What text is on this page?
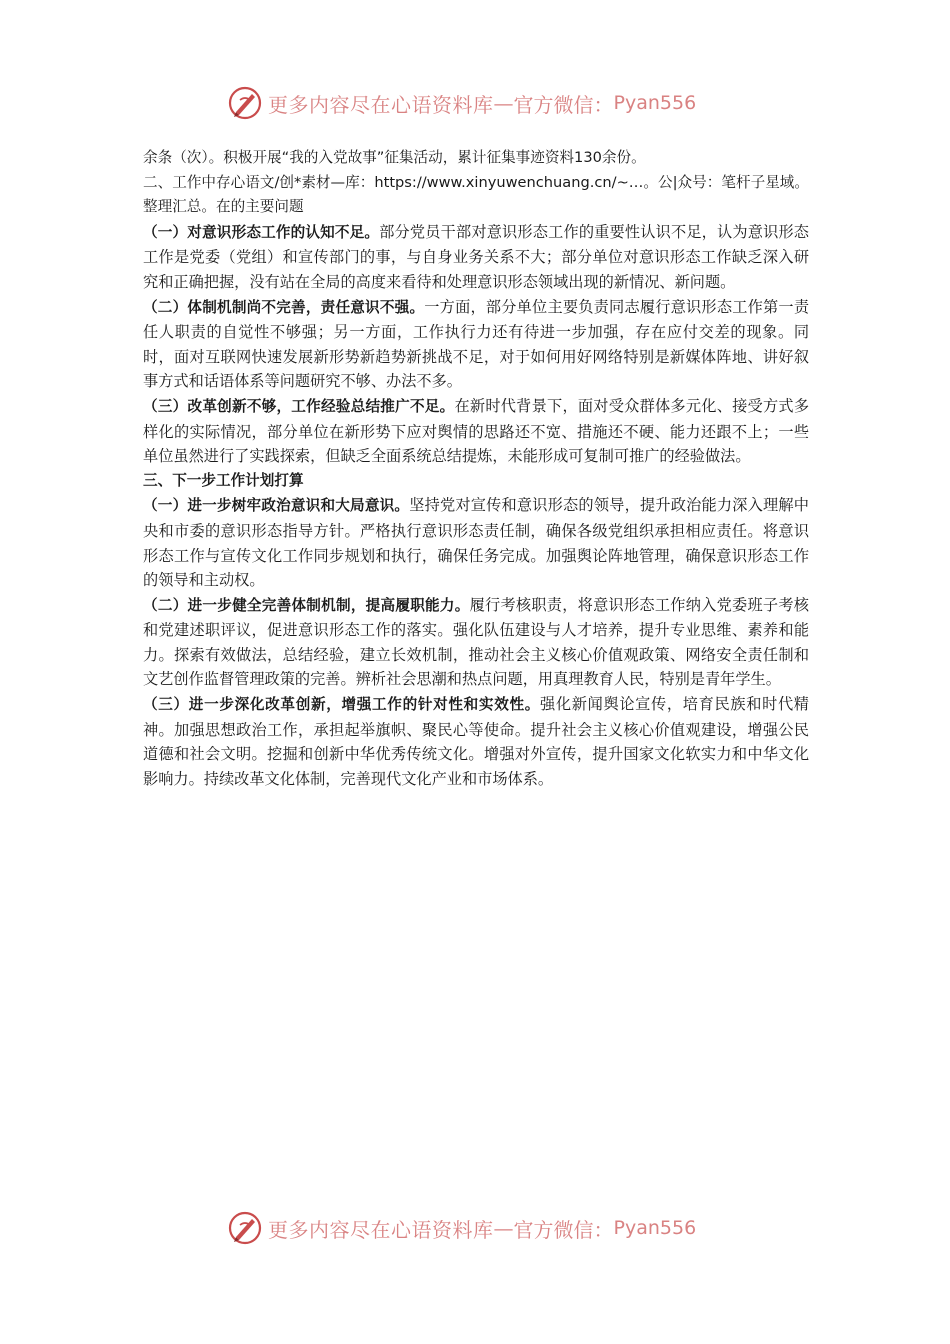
更多内容尽在心语资料库 — 官方微信： Pyan556

余条（次）。积极开展“我的入党故事”征集活动，累计征集事迹资料130余份。

二、工作中存心语文/创*素材—库：https://www.xinyuwenchuang.cn/~…。公|众号：笔杆子星域。整理汇总。在的主要问题

（一）对意识形态工作的认知不足。部分党员干部对意识形态工作的重要性认识不足，认为意识形态工作是党委（党组）和宣传部门的事，与自身业务关系不大；部分单位对意识形态工作缺乏深入研究和正确把握，没有站在全局的高度来看待和处理意识形态领域出现的新情况、新问题。

（二）体制机制尚不完善，责任意识不强。一方面，部分单位主要负责同志履行意识形态工作第一责任人职责的自觉性不够强；另一方面，工作执行力还有待进一步加强，存在应付交差的现象。同时，面对互联网快速发展新形势新趋势新挑战不足，对于如何用好网络特别是新媒体阵地、讲好叙事方式和话语体系等问题研究不够、办法不多。

（三）改革创新不够，工作经验总结推广不足。在新时代背景下，面对受众群体多元化、接受方式多样化的实际情况，部分单位在新形势下应对舆情的思路还不宽、措施还不硬、能力还跟不上；一些单位虽然进行了实践探索，但缺乏全面系统总结提炼，未能形成可复制可推广的经验做法。

三、下一步工作计划打算

（一）进一步树牢政治意识和大局意识。坚持党对宣传和意识形态的领导，提升政治能力深入理解中央和市委的意识形态指导方针。严格执行意识形态责任制，确保各级党组织承担相应责任。将意识形态工作与宣传文化工作同步规划和执行，确保任务完成。加强舆论阵地管理，确保意识形态工作的领导和主动权。

（二）进一步健全完善体制机制，提高履职能力。履行考核职责，将意识形态工作纳入党委班子考核和党建述职评议，促进意识形态工作的落实。强化队伍建设与人才培养，提升专业思维、素养和能力。探索有效做法，总结经验，建立长效机制，推动社会主义核心价值观政策、网络安全责任制和文艺创作监督管理政策的完善。辨析社会思潮和热点问题，用真理教育人民，特别是青年学生。

（三）进一步深化改革创新，增强工作的针对性和实效性。强化新闻舆论宣传，培育民族和时代精神。加强思想政治工作，承担起举旗帜、聚民心等使命。提升社会主义核心价值观建设，增强公民道德和社会文明。挖掘和创新中华优秀传统文化。增强对外宣传，提升国家文化软实力和中华文化影响力。持续改革文化体制，完善现代文化产业和市场体系。

更多内容尽在心语资料库 — 官方微信： Pyan556
